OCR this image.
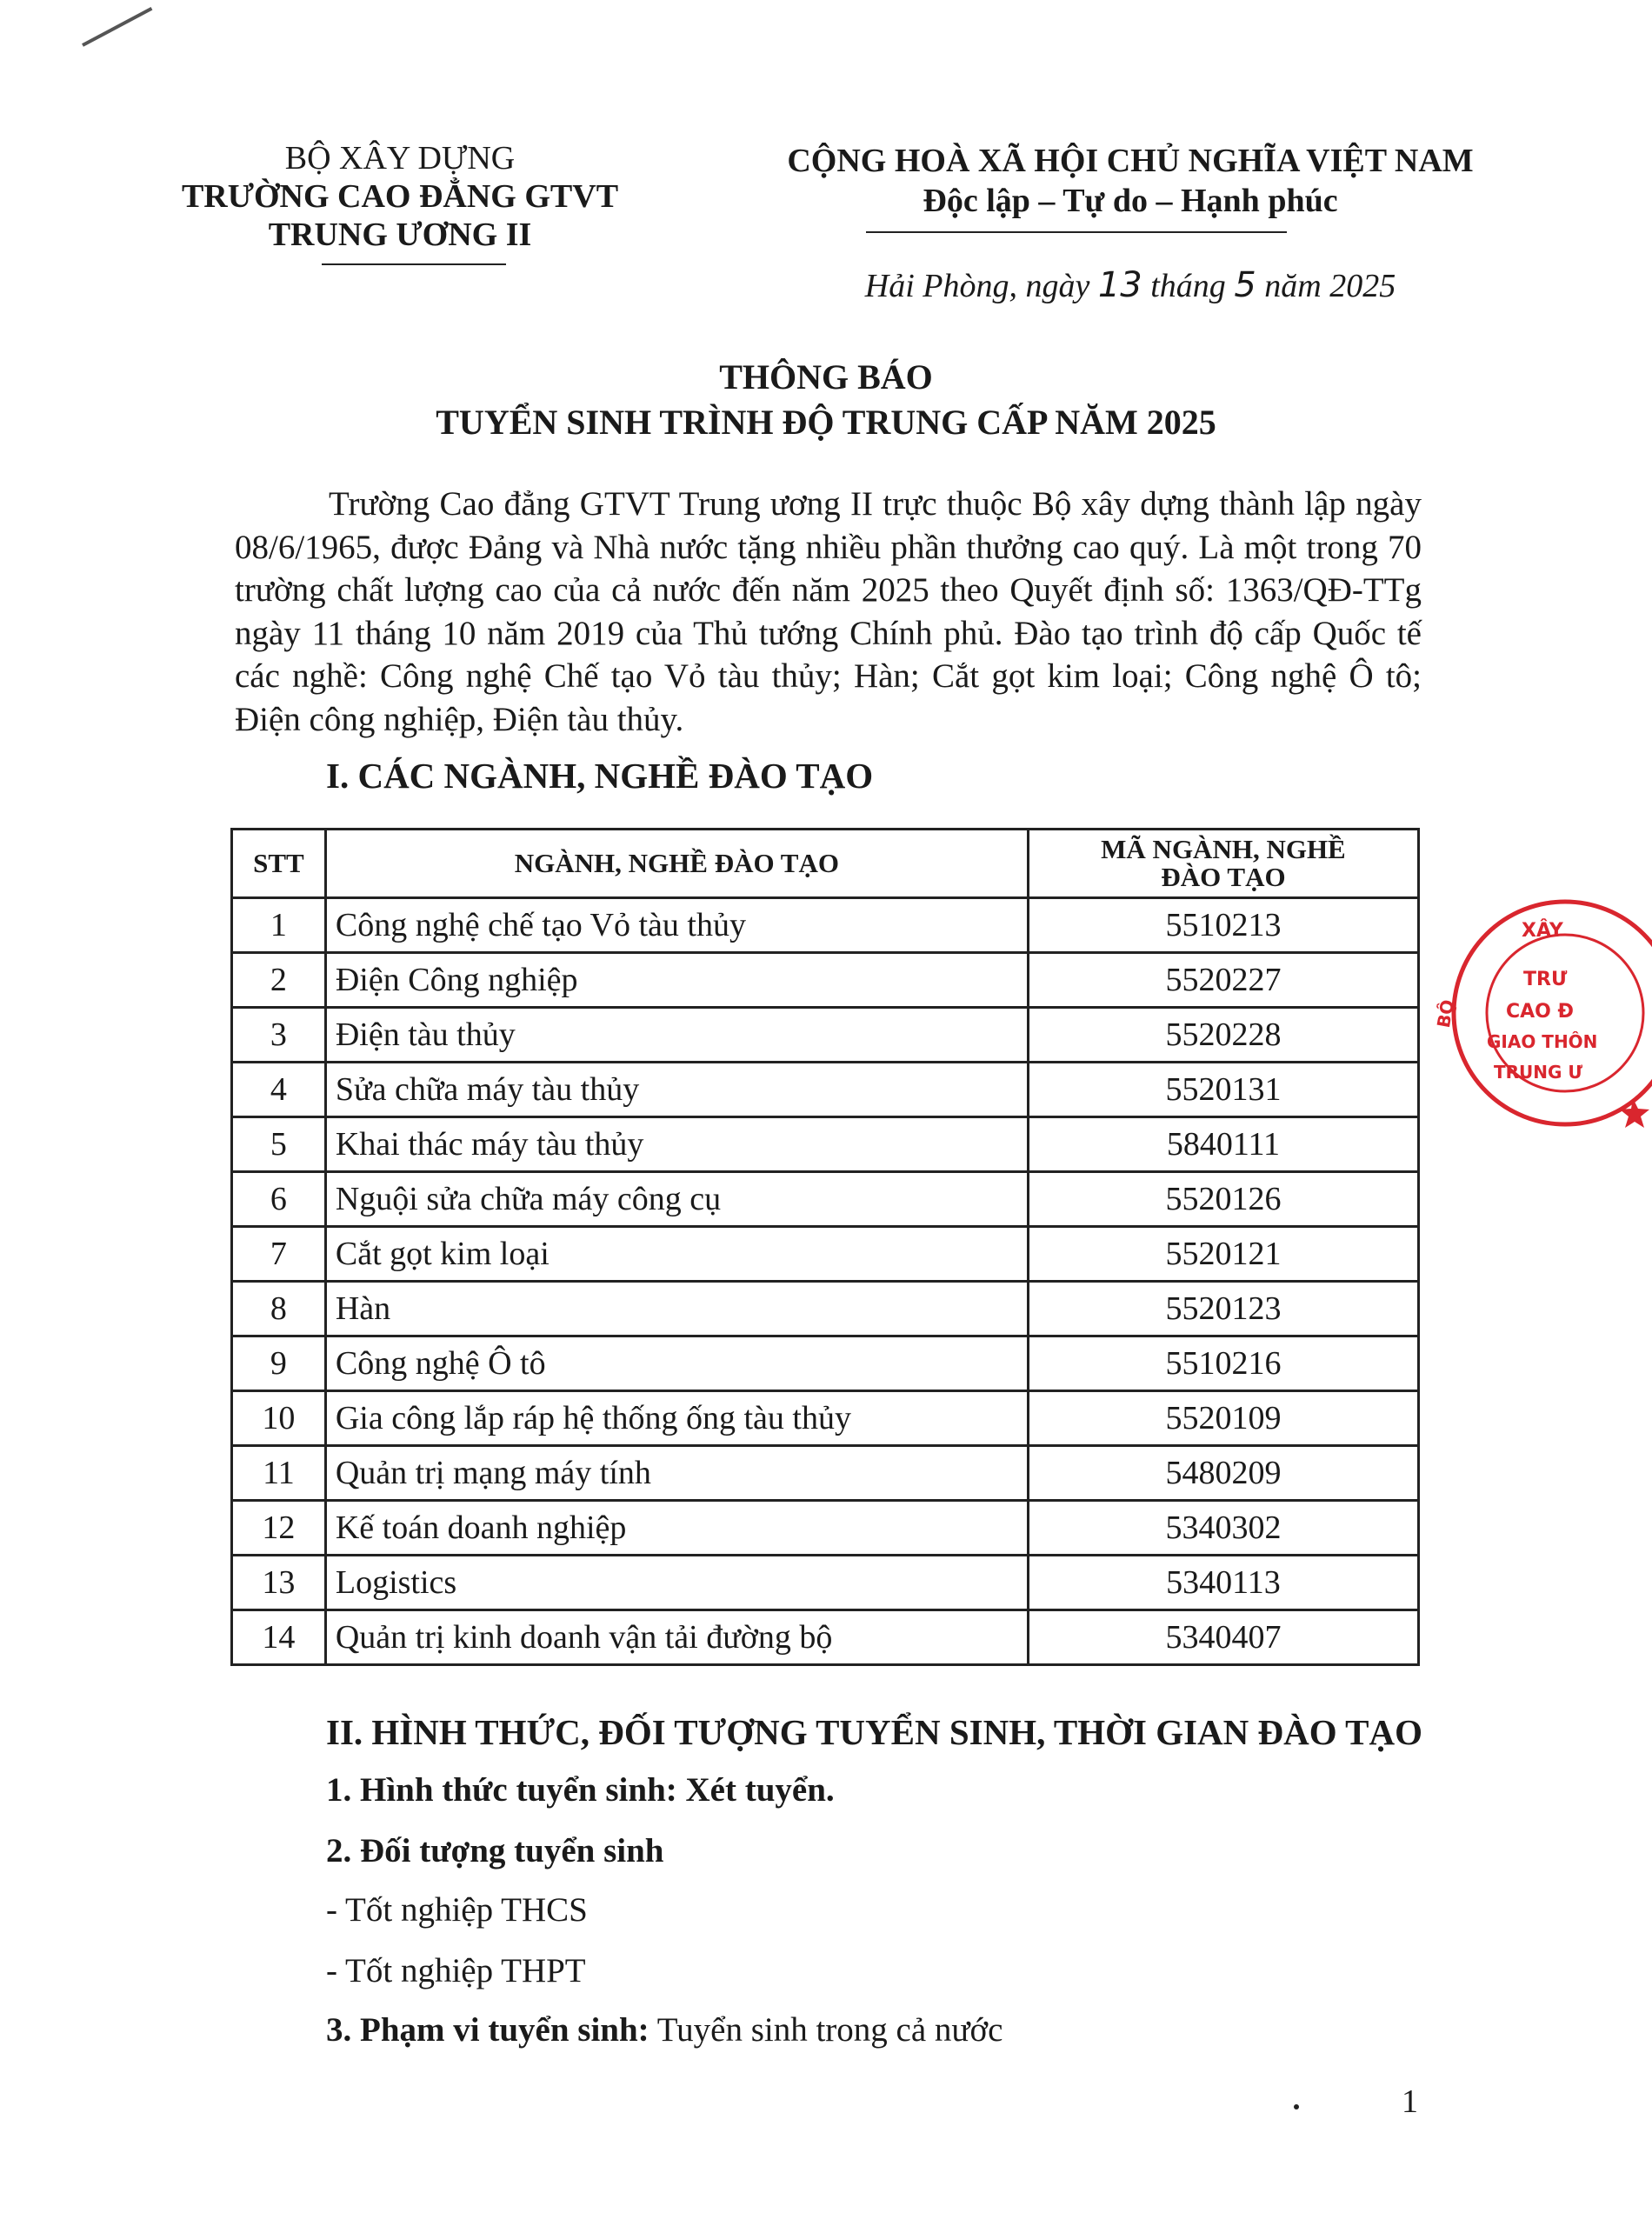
BỘ XÂY DỰNG
TRƯỜNG CAO ĐẲNG GTVT
TRUNG ƯƠNG II
CỘNG HOÀ XÃ HỘI CHỦ NGHĨA VIỆT NAM
Độc lập – Tự do – Hạnh phúc
Hải Phòng, ngày 13 tháng 5 năm 2025
THÔNG BÁO
TUYỂN SINH TRÌNH ĐỘ TRUNG CẤP NĂM 2025

Trường Cao đẳng GTVT Trung ương II trực thuộc Bộ xây dựng thành lập ngày 08/6/1965, được Đảng và Nhà nước tặng nhiều phần thưởng cao quý. Là một trong 70 trường chất lượng cao của cả nước đến năm 2025 theo Quyết định số: 1363/QĐ-TTg ngày 11 tháng 10 năm 2019 của Thủ tướng Chính phủ. Đào tạo trình độ cấp Quốc tế các nghề: Công nghệ Chế tạo Vỏ tàu thủy; Hàn; Cắt gọt kim loại; Công nghệ Ô tô; Điện công nghiệp, Điện tàu thủy.

I. CÁC NGÀNH, NGHỀ ĐÀO TẠO
STT	NGÀNH, NGHỀ ĐÀO TẠO	MÃ NGÀNH, NGHỀ
ĐÀO TẠO
1	Công nghệ chế tạo Vỏ tàu thủy	5510213
2	Điện Công nghiệp	5520227
3	Điện tàu thủy	5520228
4	Sửa chữa máy tàu thủy	5520131
5	Khai thác máy tàu thủy	5840111
6	Nguội sửa chữa máy công cụ	5520126
7	Cắt gọt kim loại	5520121
8	Hàn	5520123
9	Công nghệ Ô tô	5510216
10	Gia công lắp ráp hệ thống ống tàu thủy	5520109
11	Quản trị mạng máy tính	5480209
12	Kế toán doanh nghiệp	5340302
13	Logistics	5340113
14	Quản trị kinh doanh vận tải đường bộ	5340407
XÂY
TRƯ
CAO Đ
GIAO THÔN
TRUNG Ư
BỘ
II. HÌNH THỨC, ĐỐI TƯỢNG TUYỂN SINH, THỜI GIAN ĐÀO TẠO
1. Hình thức tuyển sinh: Xét tuyển.
2. Đối tượng tuyển sinh
- Tốt nghiệp THCS
- Tốt nghiệp THPT
3. Phạm vi tuyển sinh: Tuyển sinh trong cả nước
1
